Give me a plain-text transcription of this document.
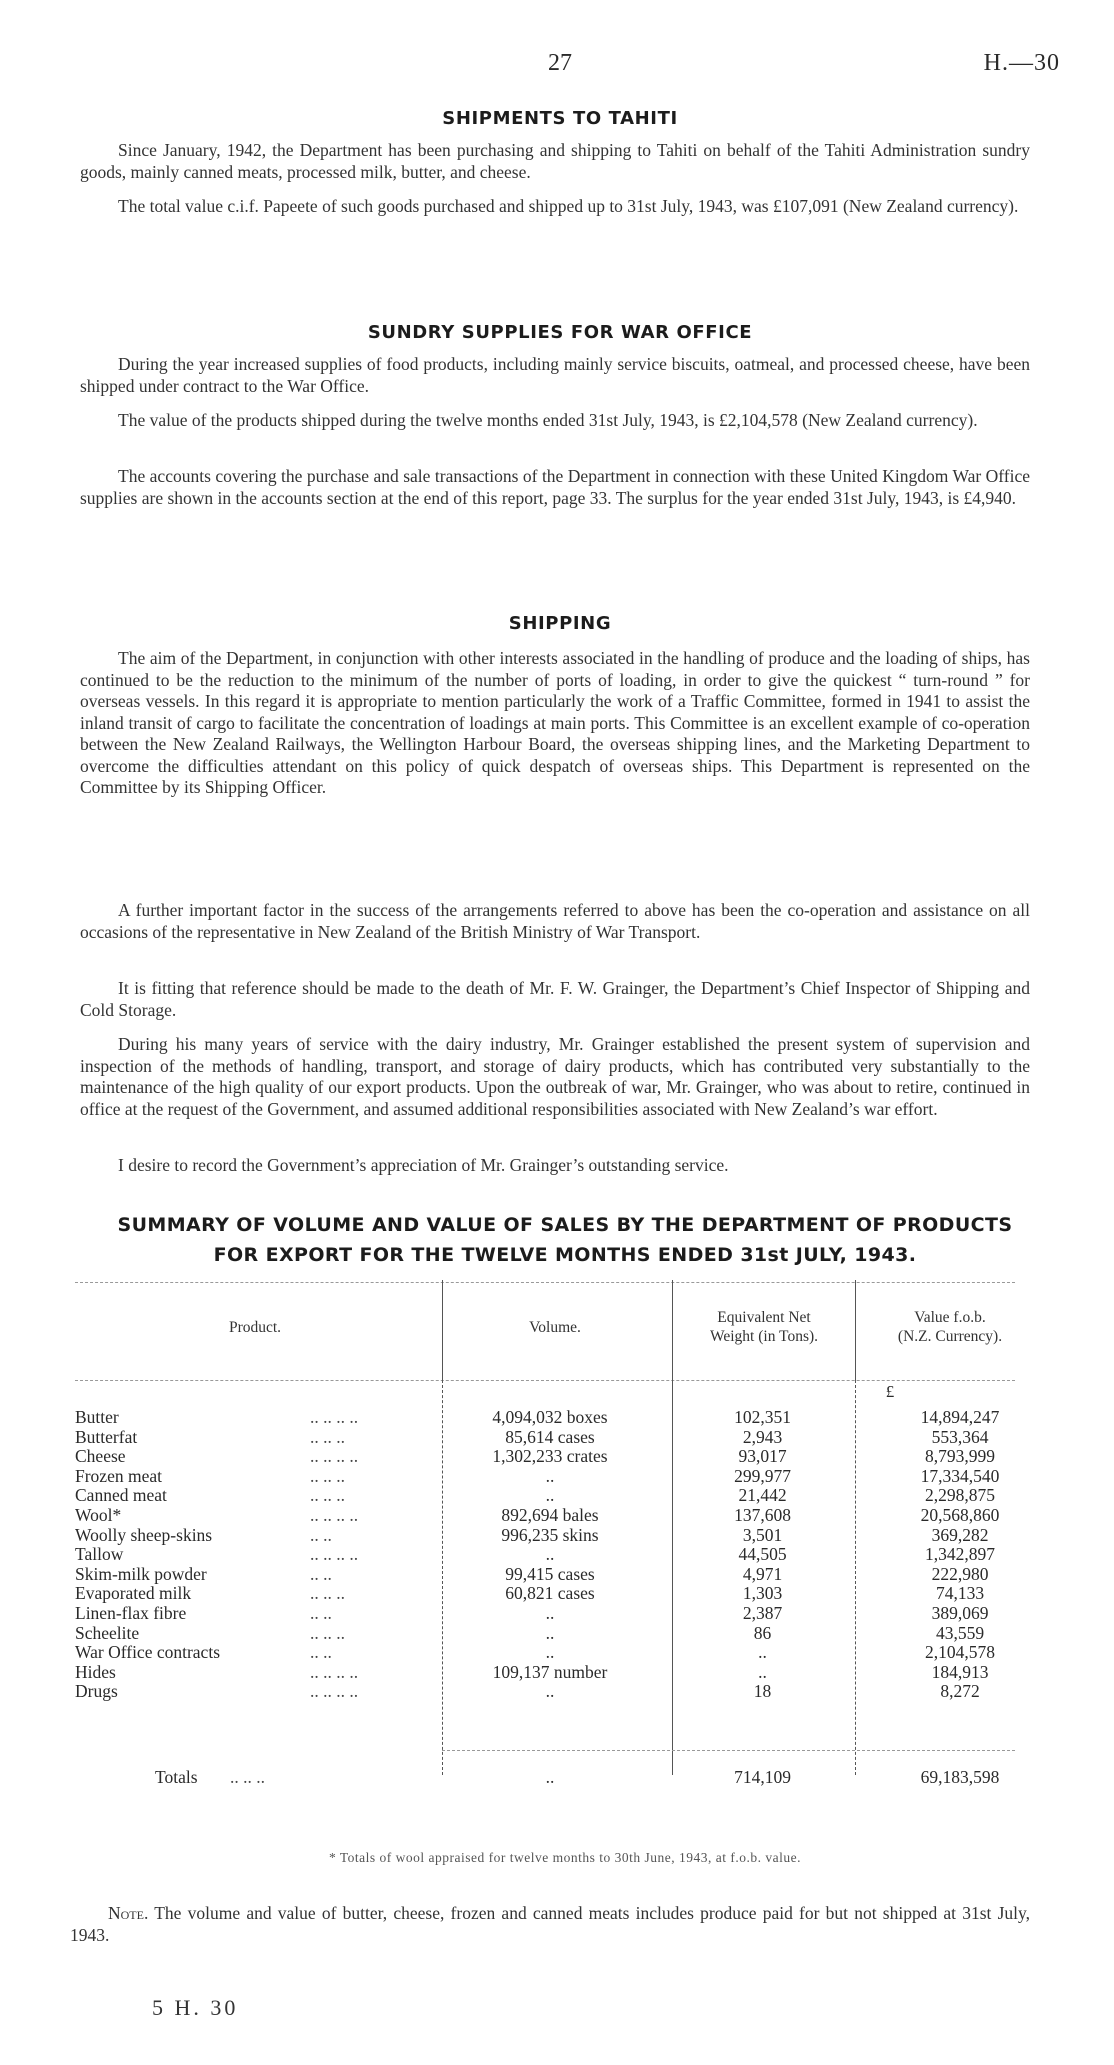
27	H.—30
SHIPMENTS TO TAHITI

Since January, 1942, the Department has been purchasing and shipping to Tahiti on behalf of the Tahiti Administration sundry goods, mainly canned meats, processed milk, butter, and cheese.

The total value c.i.f. Papeete of such goods purchased and shipped up to 31st July, 1943, was £107,091 (New Zealand currency).

SUNDRY SUPPLIES FOR WAR OFFICE

During the year increased supplies of food products, including mainly service biscuits, oatmeal, and processed cheese, have been shipped under contract to the War Office.

The value of the products shipped during the twelve months ended 31st July, 1943, is £2,104,578 (New Zealand currency).

The accounts covering the purchase and sale transactions of the Department in connection with these United Kingdom War Office supplies are shown in the accounts section at the end of this report, page 33. The surplus for the year ended 31st July, 1943, is £4,940.

SHIPPING

The aim of the Department, in conjunction with other interests associated in the handling of produce and the loading of ships, has continued to be the reduction to the minimum of the number of ports of loading, in order to give the quickest “ turn-round ” for overseas vessels. In this regard it is appropriate to mention particularly the work of a Traffic Committee, formed in 1941 to assist the inland transit of cargo to facilitate the concentration of loadings at main ports. This Committee is an excellent example of co-operation between the New Zealand Railways, the Wellington Harbour Board, the overseas shipping lines, and the Marketing Department to overcome the difficulties attendant on this policy of quick despatch of overseas ships. This Department is represented on the Committee by its Shipping Officer.

A further important factor in the success of the arrangements referred to above has been the co-operation and assistance on all occasions of the representative in New Zealand of the British Ministry of War Transport.

It is fitting that reference should be made to the death of Mr. F. W. Grainger, the Department’s Chief Inspector of Shipping and Cold Storage.

During his many years of service with the dairy industry, Mr. Grainger established the present system of supervision and inspection of the methods of handling, transport, and storage of dairy products, which has contributed very substantially to the maintenance of the high quality of our export products. Upon the outbreak of war, Mr. Grainger, who was about to retire, continued in office at the request of the Government, and assumed additional responsibilities associated with New Zealand’s war effort.

I desire to record the Government’s appreciation of Mr. Grainger’s outstanding service.

SUMMARY OF VOLUME AND VALUE OF SALES BY THE DEPARTMENT OF PRODUCTS
FOR EXPORT FOR THE TWELVE MONTHS ENDED 31st JULY, 1943.
Product.	Volume.
Equivalent Net
Weight (in Tons).
Value f.o.b.
(N.Z. Currency).
.. .. .. ..
Butter	4,094,032 boxes	102,351	14,894,247
.. .. ..
Butterfat	85,614 cases	2,943	553,364
.. .. .. ..
Cheese	1,302,233 crates	93,017	8,793,999
.. .. ..
Frozen meat	..	299,977	17,334,540
.. .. ..
Canned meat	..	21,442	2,298,875
.. .. .. ..
Wool*	892,694 bales	137,608	20,568,860
.. ..
Woolly sheep-skins	996,235 skins	3,501	369,282
.. .. .. ..
Tallow	..	44,505	1,342,897
.. ..
Skim-milk powder	99,415 cases	4,971	222,980
.. .. ..
Evaporated milk	60,821 cases	1,303	74,133
.. ..
Linen-flax fibre	..	2,387	389,069
.. .. ..
Scheelite	..	86	43,559
.. ..
War Office contracts	..	..	2,104,578
.. .. .. ..
Hides	109,137 number	..	184,913
.. .. .. ..
Drugs	..	18	8,272
£
Totals .. .. ..	..	714,109	69,183,598
* Totals of wool appraised for twelve months to 30th June, 1943, at f.o.b. value.

Note. The volume and value of butter, cheese, frozen and canned meats includes produce paid for but not shipped at 31st July, 1943.

5 H. 30
